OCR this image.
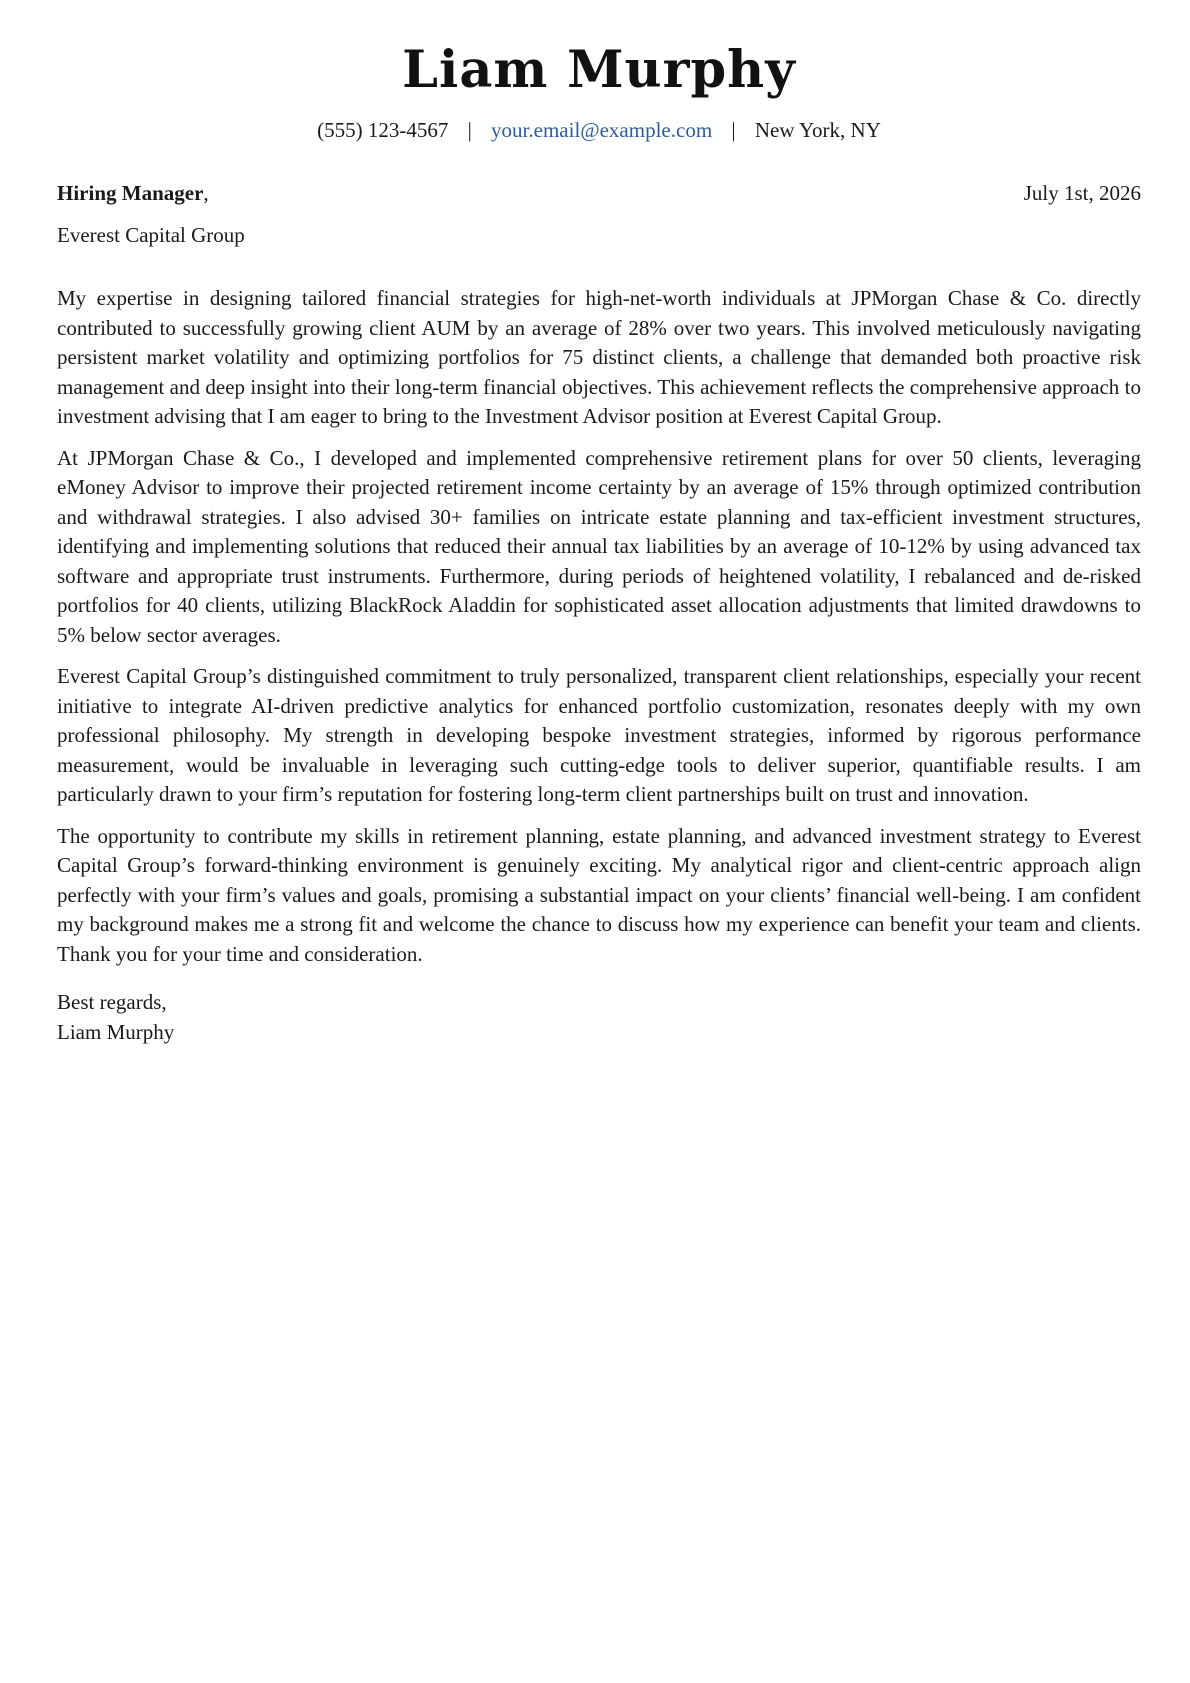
Liam Murphy
(555) 123-4567 | your.email@example.com | New York, NY
Hiring Manager,	July 1st, 2026
Everest Capital Group

My expertise in designing tailored financial strategies for high-net-worth individuals at JPMorgan Chase & Co. directly contributed to successfully growing client AUM by an average of 28% over two years. This involved meticulously navigating persistent market volatility and optimizing portfolios for 75 distinct clients, a challenge that demanded both proactive risk management and deep insight into their long-term financial objectives. This achievement reflects the comprehensive approach to investment advising that I am eager to bring to the Investment Advisor position at Everest Capital Group.

At JPMorgan Chase & Co., I developed and implemented comprehensive retirement plans for over 50 clients, leveraging eMoney Advisor to improve their projected retirement income certainty by an average of 15% through optimized contribution and withdrawal strategies. I also advised 30+ families on intricate estate planning and tax-efficient investment structures, identifying and implementing solutions that reduced their annual tax liabilities by an average of 10-12% by using advanced tax software and appropriate trust instruments. Furthermore, during periods of heightened volatility, I rebalanced and de-risked portfolios for 40 clients, utilizing BlackRock Aladdin for sophisticated asset allocation adjustments that limited drawdowns to 5% below sector averages.

Everest Capital Group’s distinguished commitment to truly personalized, transparent client relationships, especially your recent initiative to integrate AI-driven predictive analytics for enhanced portfolio customization, resonates deeply with my own professional philosophy. My strength in developing bespoke investment strategies, informed by rigorous performance measurement, would be invaluable in leveraging such cutting-edge tools to deliver superior, quantifiable results. I am particularly drawn to your firm’s reputation for fostering long-term client partnerships built on trust and innovation.

The opportunity to contribute my skills in retirement planning, estate planning, and advanced investment strategy to Everest Capital Group’s forward-thinking environment is genuinely exciting. My analytical rigor and client-centric approach align perfectly with your firm’s values and goals, promising a substantial impact on your clients’ financial well-being. I am confident my background makes me a strong fit and welcome the chance to discuss how my experience can benefit your team and clients. Thank you for your time and consideration.

Best regards,
Liam Murphy
